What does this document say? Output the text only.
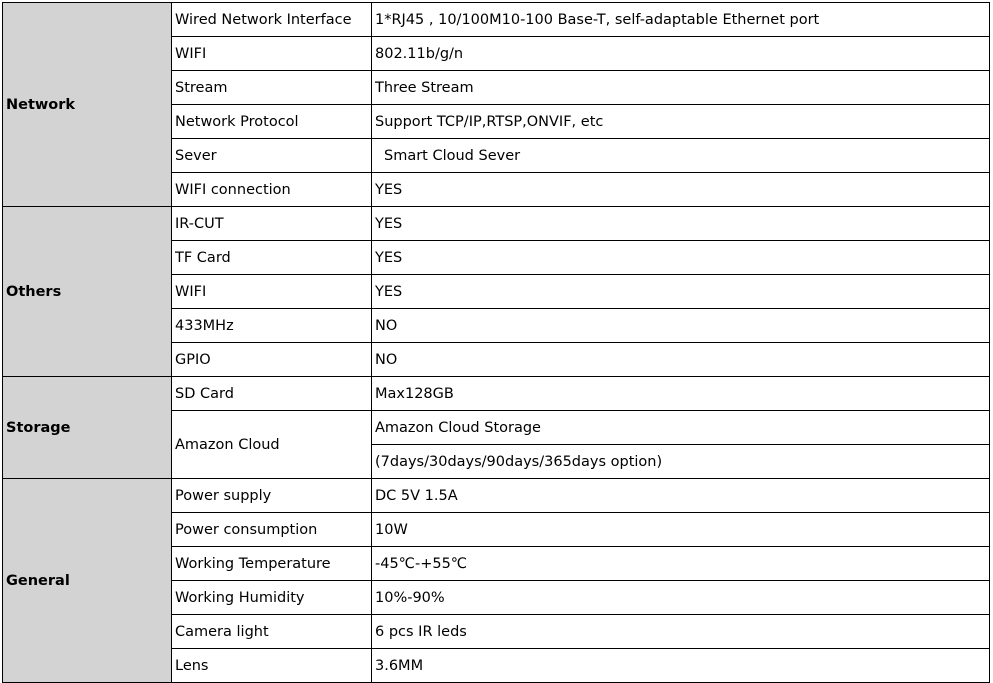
Network	Wired Network Interface	1*RJ45 , 10/100M10-100 Base-T, self-adaptable Ethernet port
	WIFI	802.11b/g/n
	Stream	Three Stream
	Network Protocol	Support TCP/IP,RTSP,ONVIF, etc
	Sever	Smart Cloud Sever
	WIFI connection	YES
Others	IR-CUT	YES
	TF Card	YES
	WIFI	YES
	433MHz	NO
	GPIO	NO
Storage	SD Card	Max128GB
	Amazon Cloud	Amazon Cloud Storage
		(7days/30days/90days/365days option)
General	Power supply	DC 5V 1.5A
	Power consumption	10W
	Working Temperature	-45℃-+55℃
	Working Humidity	10%-90%
	Camera light	6 pcs IR leds
	Lens	3.6MM
